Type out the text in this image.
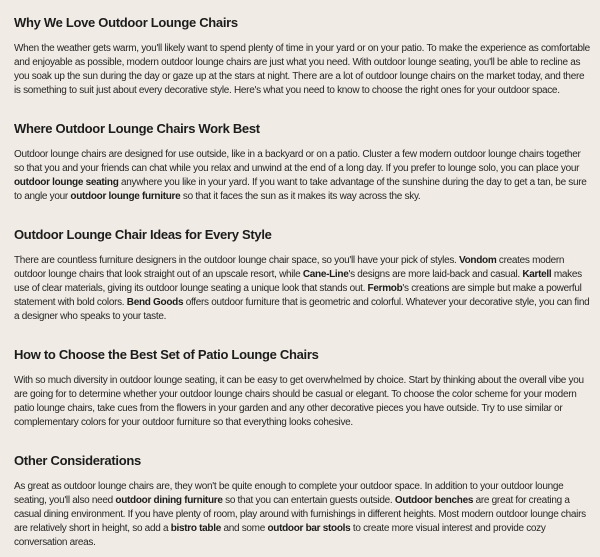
Why We Love Outdoor Lounge Chairs

When the weather gets warm, you'll likely want to spend plenty of time in your yard or on your patio. To make the experience as comfortable and enjoyable as possible, modern outdoor lounge chairs are just what you need. With outdoor lounge seating, you'll be able to recline as you soak up the sun during the day or gaze up at the stars at night. There are a lot of outdoor lounge chairs on the market today, and there is something to suit just about every decorative style. Here's what you need to know to choose the right ones for your outdoor space.

Where Outdoor Lounge Chairs Work Best

Outdoor lounge chairs are designed for use outside, like in a backyard or on a patio. Cluster a few modern outdoor lounge chairs together so that you and your friends can chat while you relax and unwind at the end of a long day. If you prefer to lounge solo, you can place your outdoor lounge seating anywhere you like in your yard. If you want to take advantage of the sunshine during the day to get a tan, be sure to angle your outdoor lounge furniture so that it faces the sun as it makes its way across the sky.

Outdoor Lounge Chair Ideas for Every Style

There are countless furniture designers in the outdoor lounge chair space, so you'll have your pick of styles. Vondom creates modern outdoor lounge chairs that look straight out of an upscale resort, while Cane-Line's designs are more laid-back and casual. Kartell makes use of clear materials, giving its outdoor lounge seating a unique look that stands out. Fermob's creations are simple but make a powerful statement with bold colors. Bend Goods offers outdoor furniture that is geometric and colorful. Whatever your decorative style, you can find a designer who speaks to your taste.

How to Choose the Best Set of Patio Lounge Chairs

With so much diversity in outdoor lounge seating, it can be easy to get overwhelmed by choice. Start by thinking about the overall vibe you are going for to determine whether your outdoor lounge chairs should be casual or elegant. To choose the color scheme for your modern patio lounge chairs, take cues from the flowers in your garden and any other decorative pieces you have outside. Try to use similar or complementary colors for your outdoor furniture so that everything looks cohesive.

Other Considerations

As great as outdoor lounge chairs are, they won't be quite enough to complete your outdoor space. In addition to your outdoor lounge seating, you'll also need outdoor dining furniture so that you can entertain guests outside. Outdoor benches are great for creating a casual dining environment. If you have plenty of room, play around with furnishings in different heights. Most modern outdoor lounge chairs are relatively short in height, so add a bistro table and some outdoor bar stools to create more visual interest and provide cozy conversation areas.
